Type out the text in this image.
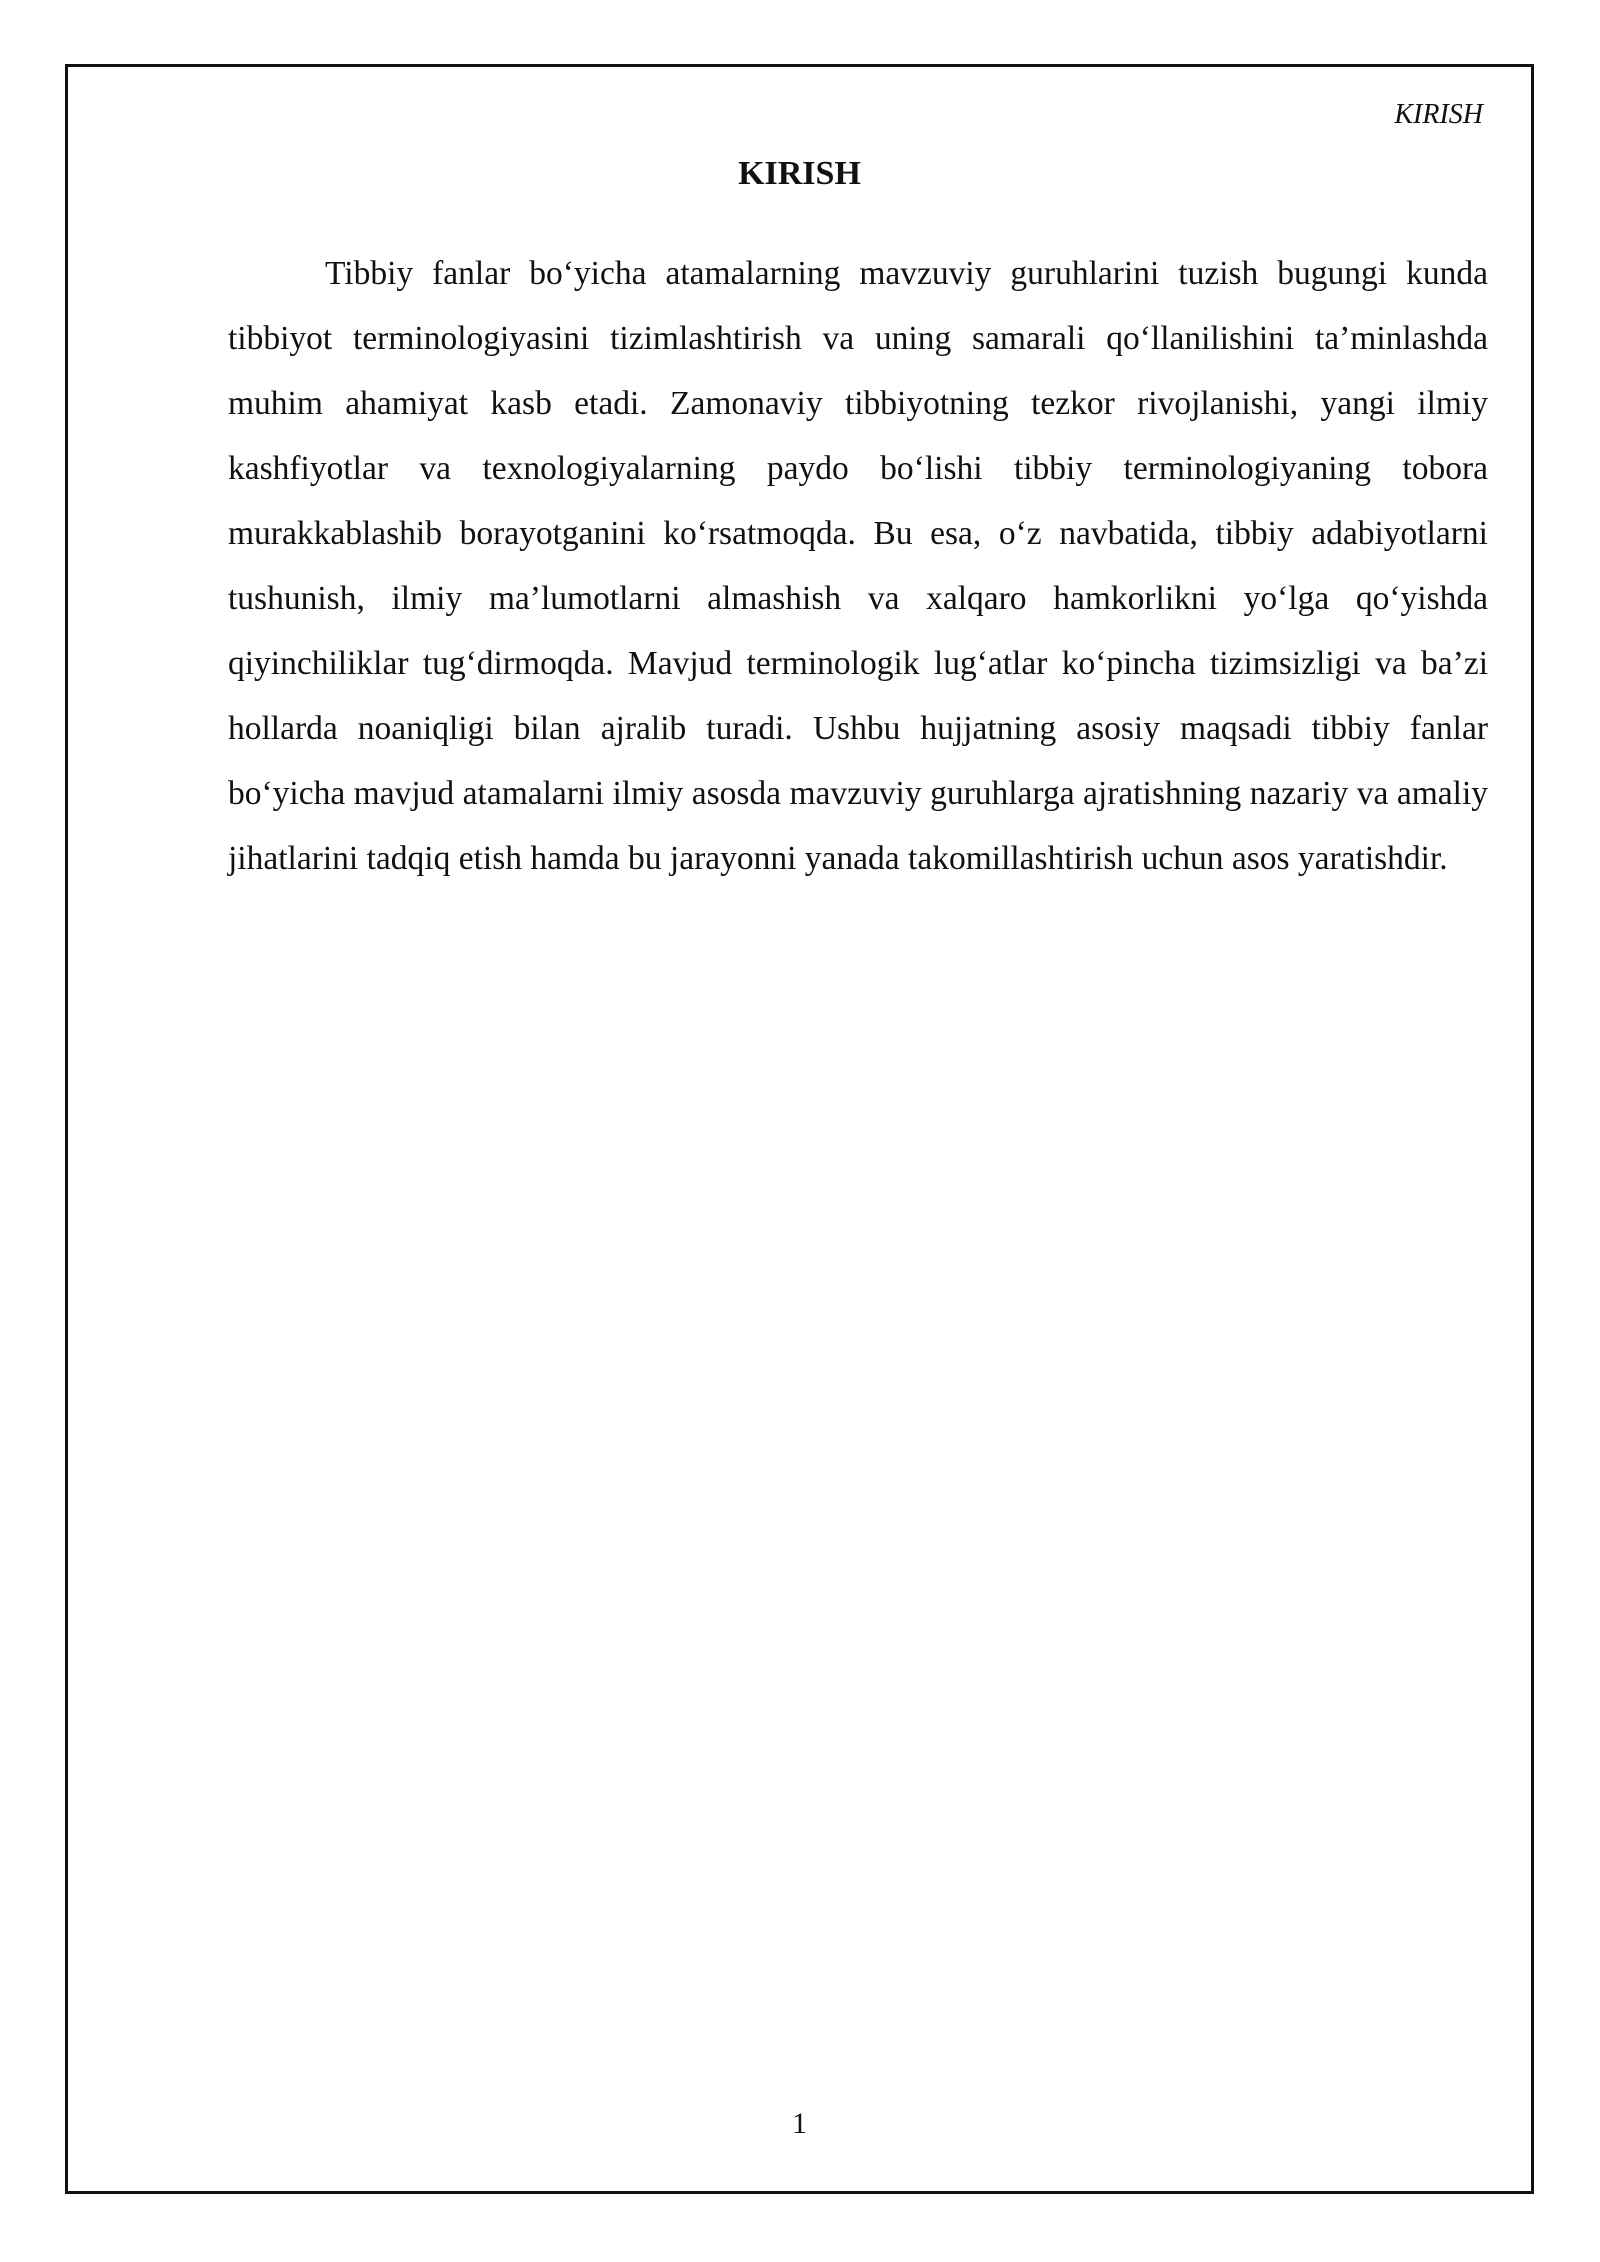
KIRISH
KIRISH

Tibbiy fanlar bo‘yicha atamalarning mavzuviy guruhlarini tuzish bugungi kunda tibbiyot terminologiyasini tizimlashtirish va uning samarali qo‘llanilishini ta’minlashda muhim ahamiyat kasb etadi. Zamonaviy tibbiyotning tezkor rivojlanishi, yangi ilmiy kashfiyotlar va texnologiyalarning paydo bo‘lishi tibbiy terminologiyaning tobora murakkablashib borayotganini ko‘rsatmoqda. Bu esa, o‘z navbatida, tibbiy adabiyotlarni tushunish, ilmiy ma’lumotlarni almashish va xalqaro hamkorlikni yo‘lga qo‘yishda qiyinchiliklar tug‘dirmoqda. Mavjud terminologik lug‘atlar ko‘pincha tizimsizligi va ba’zi hollarda noaniqligi bilan ajralib turadi. Ushbu hujjatning asosiy maqsadi tibbiy fanlar bo‘yicha mavjud atamalarni ilmiy asosda mavzuviy guruhlarga ajratishning nazariy va amaliy jihatlarini tadqiq etish hamda bu jarayonni yanada takomillashtirish uchun asos yaratishdir.

1
